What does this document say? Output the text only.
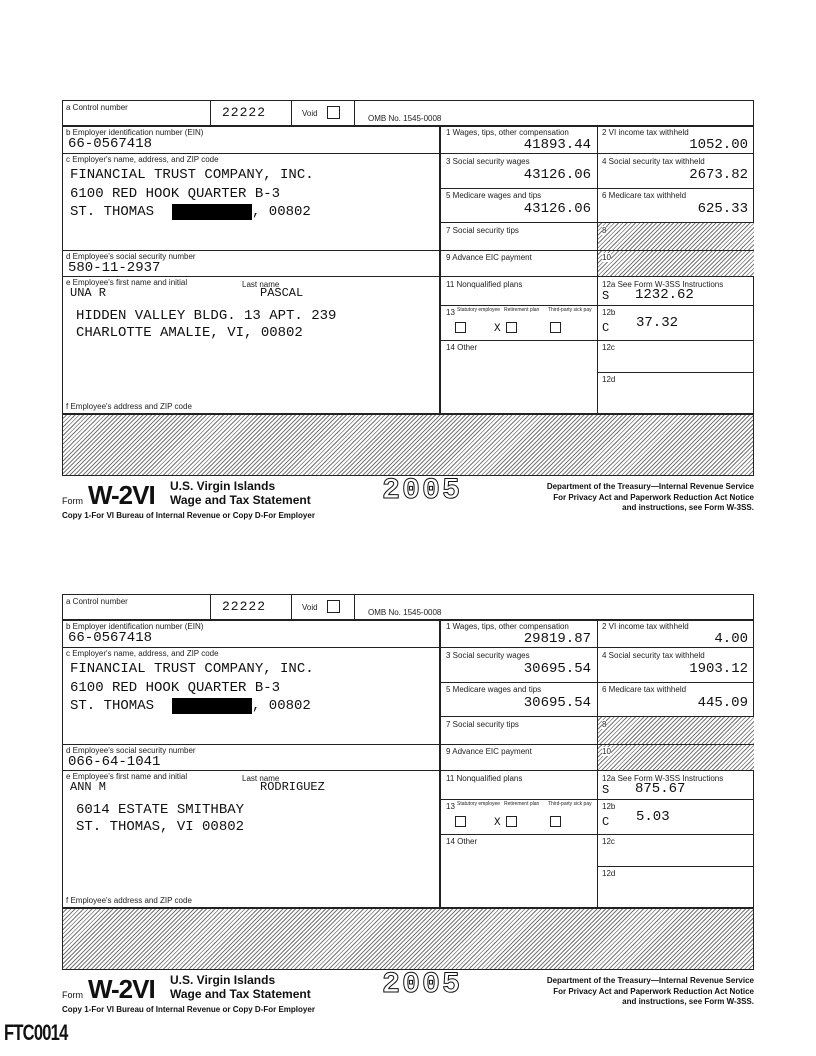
a Control number	22222	Void
OMB No. 1545-0008
b Employer identification number (EIN)
66-0567418
c Employer's name, address, and ZIP code
FINANCIAL TRUST COMPANY, INC.
6100 RED HOOK QUARTER B-3
ST. THOMAS	, 00802
d Employee's social security number
580-11-2937
e Employee's first name and initial	Last name
UNA R	PASCAL
HIDDEN VALLEY BLDG. 13 APT. 239
CHARLOTTE AMALIE, VI, 00802
f Employee's address and ZIP code
1 Wages, tips, other compensation
41893.44
2 VI income tax withheld
1052.00
3 Social security wages
43126.06
4 Social security tax withheld
2673.82
5 Medicare wages and tips
43126.06
6 Medicare tax withheld
625.33
7 Social security tips	8
9 Advance EIC payment	10
11 Nonqualified plans	12a See Form W-3SS Instructions
S 1232.62
13 Statutory employee Retirement plan Third-party sick pay
X
12b
C 37.32
14 Other	12c
12d
Form W-2VI U.S. Virgin Islands
Wage and Tax Statement 2005	Department of the Treasury—Internal Revenue Service
For Privacy Act and Paperwork Reduction Act Notice
and instructions, see Form W-3SS.
Copy 1-For VI Bureau of Internal Revenue or Copy D-For Employer
a Control number	22222	Void
OMB No. 1545-0008
b Employer identification number (EIN)
66-0567418
c Employer's name, address, and ZIP code
FINANCIAL TRUST COMPANY, INC.
6100 RED HOOK QUARTER B-3
ST. THOMAS	, 00802
d Employee's social security number
066-64-1041
e Employee's first name and initial	Last name
ANN M	RODRIGUEZ
6014 ESTATE SMITHBAY
ST. THOMAS, VI 00802
f Employee's address and ZIP code
1 Wages, tips, other compensation
29819.87
2 VI income tax withheld
4.00
3 Social security wages
30695.54
4 Social security tax withheld
1903.12
5 Medicare wages and tips
30695.54
6 Medicare tax withheld
445.09
7 Social security tips	8
9 Advance EIC payment	10
11 Nonqualified plans	12a See Form W-3SS Instructions
S 875.67
13 Statutory employee Retirement plan Third-party sick pay
X
12b
C 5.03
14 Other	12c
12d
Form W-2VI U.S. Virgin Islands
Wage and Tax Statement 2005	Department of the Treasury—Internal Revenue Service
For Privacy Act and Paperwork Reduction Act Notice
and instructions, see Form W-3SS.
Copy 1-For VI Bureau of Internal Revenue or Copy D-For Employer
FTC0014
